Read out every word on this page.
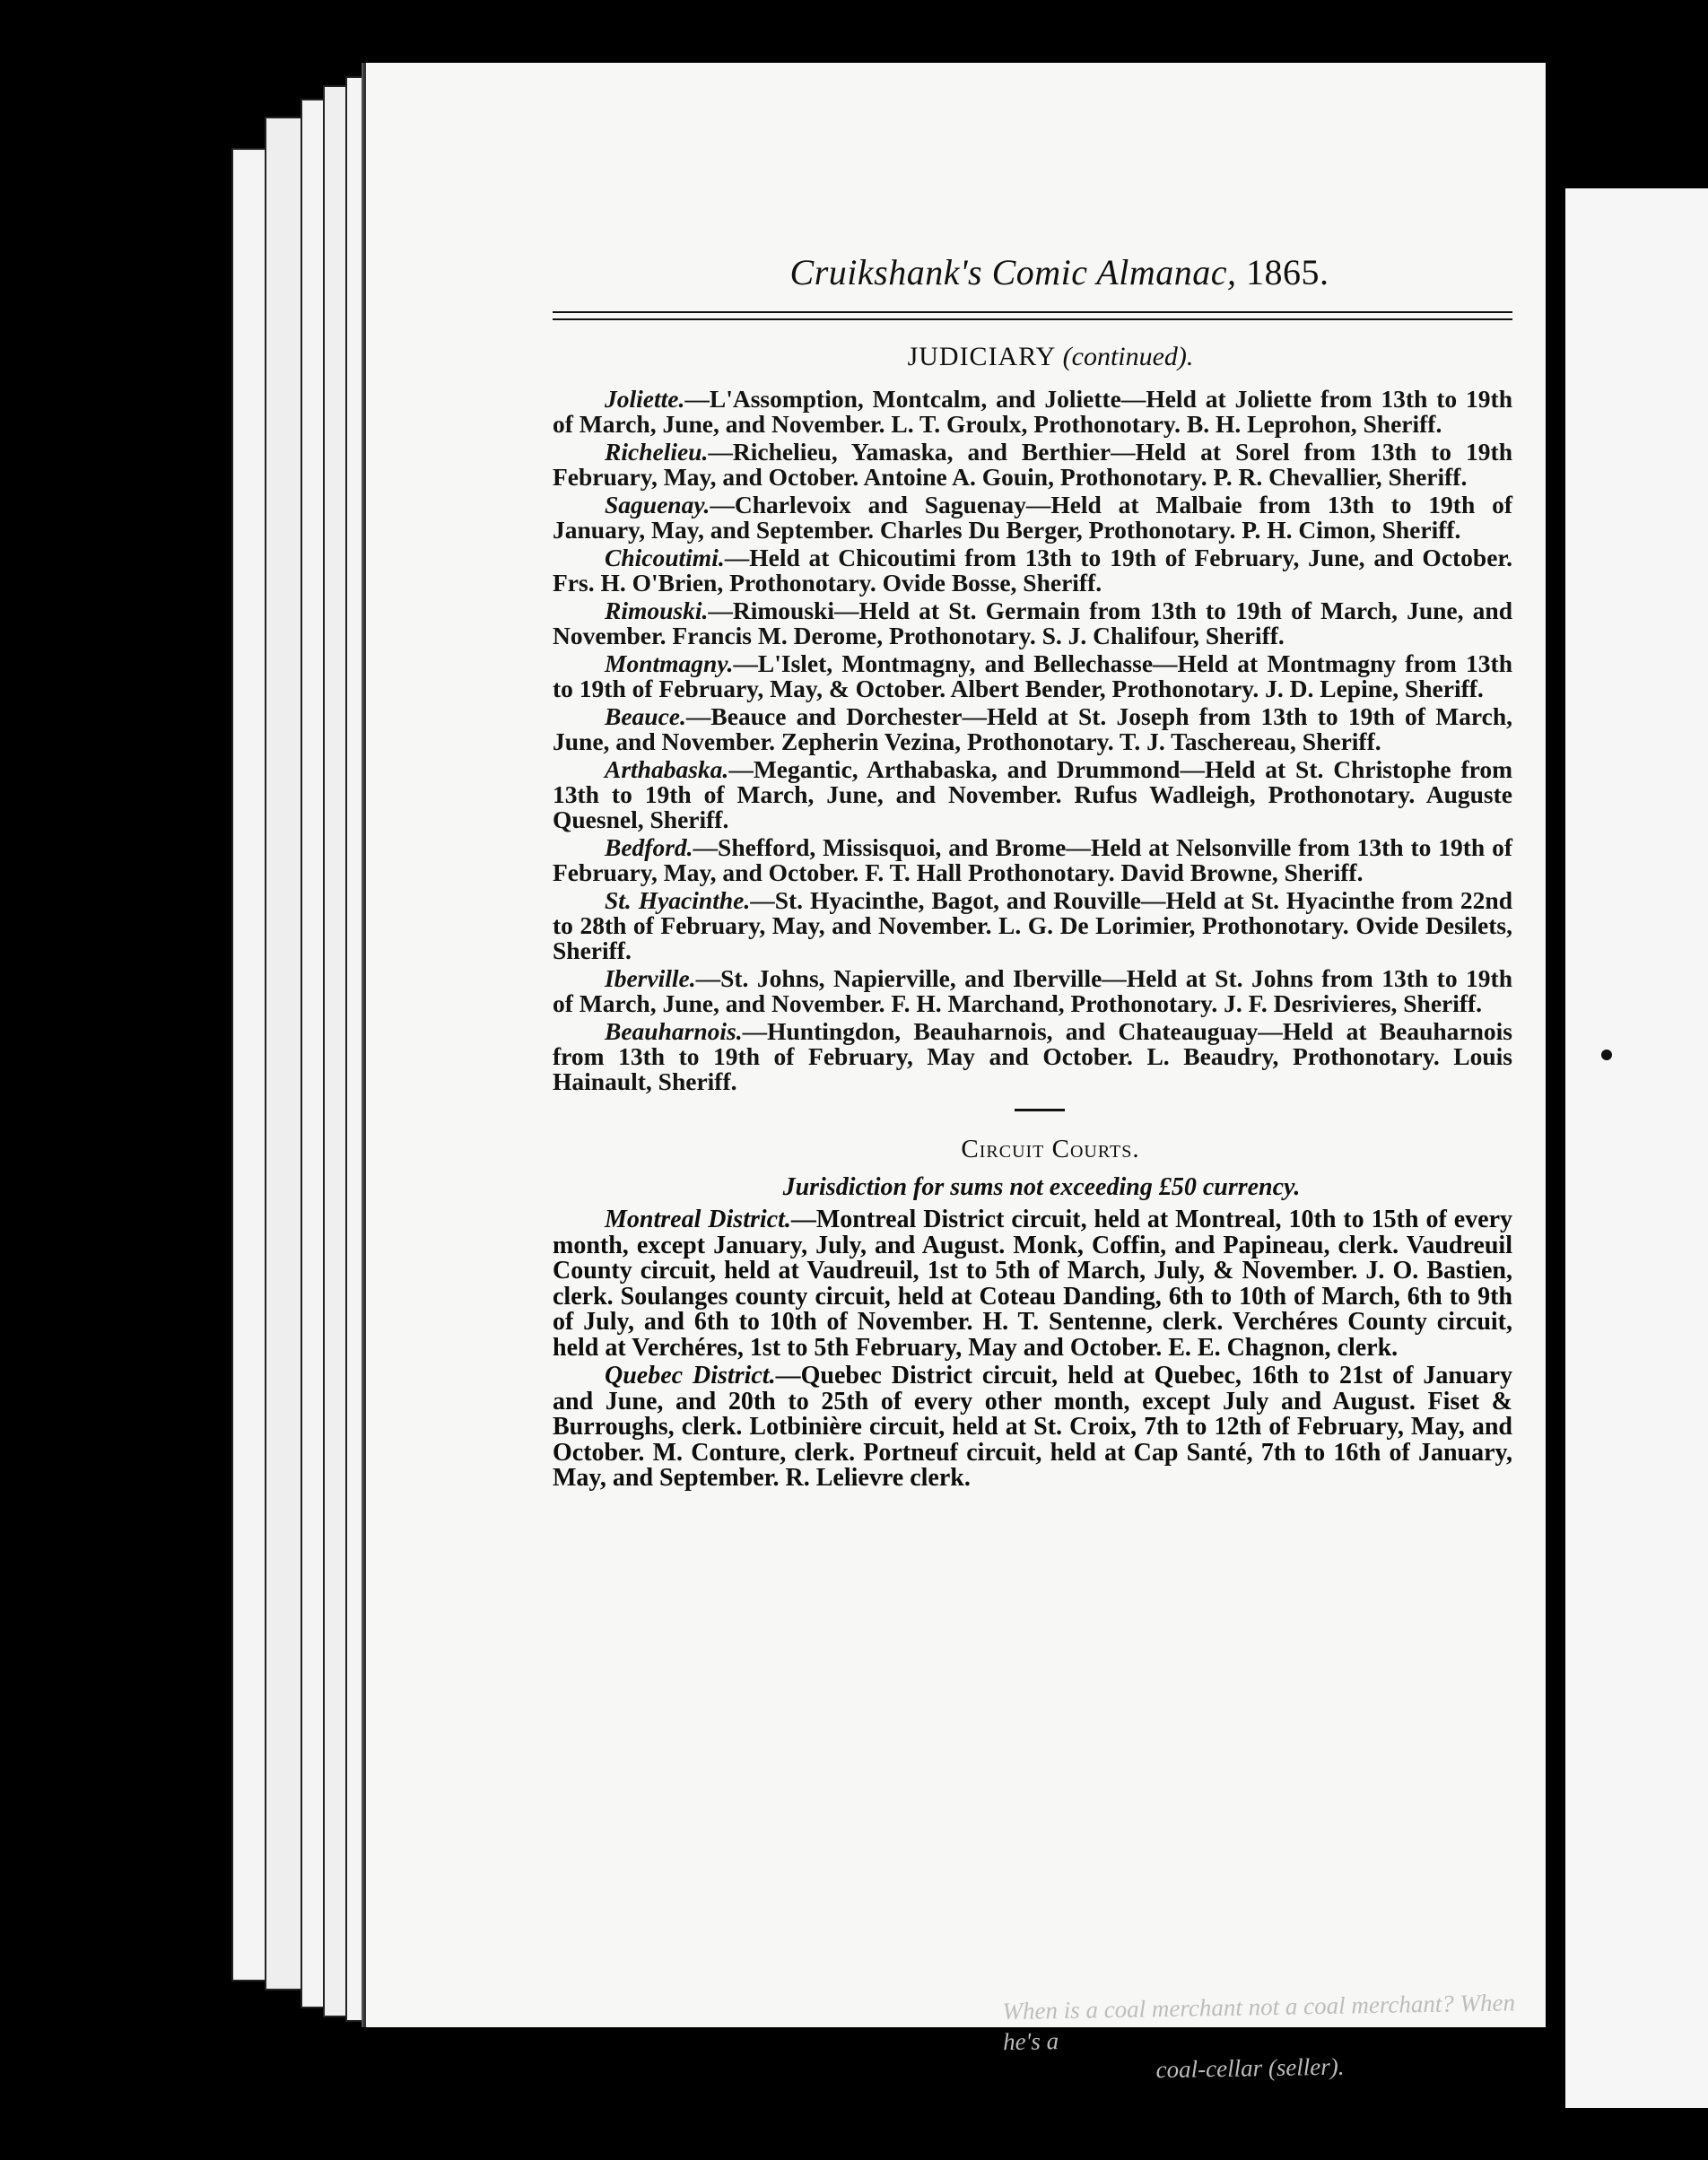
When is a coal merchant not a coal merchant? When he's a
coal-cellar (seller).
Cruikshank's Comic Almanac, 1865.
JUDICIARY (continued).

Joliette.—L'Assomption, Montcalm, and Joliette—Held at Joliette from 13th to 19th of March, June, and November. L. T. Groulx, Prothonotary. B. H. Leprohon, Sheriff.

Richelieu.—Richelieu, Yamaska, and Berthier—Held at Sorel from 13th to 19th February, May, and October. Antoine A. Gouin, Prothonotary. P. R. Chevallier, Sheriff.

Saguenay.—Charlevoix and Saguenay—Held at Malbaie from 13th to 19th of January, May, and September. Charles Du Berger, Prothonotary. P. H. Cimon, Sheriff.

Chicoutimi.—Held at Chicoutimi from 13th to 19th of February, June, and October. Frs. H. O'Brien, Prothonotary. Ovide Bosse, Sheriff.

Rimouski.—Rimouski—Held at St. Germain from 13th to 19th of March, June, and November. Francis M. Derome, Prothonotary. S. J. Chalifour, Sheriff.

Montmagny.—L'Islet, Montmagny, and Bellechasse—Held at Montmagny from 13th to 19th of February, May, & October. Albert Bender, Prothonotary. J. D. Lepine, Sheriff.

Beauce.—Beauce and Dorchester—Held at St. Joseph from 13th to 19th of March, June, and November. Zepherin Vezina, Prothonotary. T. J. Taschereau, Sheriff.

Arthabaska.—Megantic, Arthabaska, and Drummond—Held at St. Christophe from 13th to 19th of March, June, and November. Rufus Wadleigh, Prothonotary. Auguste Quesnel, Sheriff.

Bedford.—Shefford, Missisquoi, and Brome—Held at Nelsonville from 13th to 19th of February, May, and October. F. T. Hall Prothonotary. David Browne, Sheriff.

St. Hyacinthe.—St. Hyacinthe, Bagot, and Rouville—Held at St. Hyacinthe from 22nd to 28th of February, May, and November. L. G. De Lorimier, Prothonotary. Ovide Desilets, Sheriff.

Iberville.—St. Johns, Napierville, and Iberville—Held at St. Johns from 13th to 19th of March, June, and November. F. H. Marchand, Prothonotary. J. F. Desrivieres, Sheriff.

Beauharnois.—Huntingdon, Beauharnois, and Chateauguay—Held at Beauharnois from 13th to 19th of February, May and October. L. Beaudry, Prothonotary. Louis Hainault, Sheriff.

Circuit Courts.
Jurisdiction for sums not exceeding £50 currency.

Montreal District.—Montreal District circuit, held at Montreal, 10th to 15th of every month, except January, July, and August. Monk, Coffin, and Papineau, clerk. Vaudreuil County circuit, held at Vaudreuil, 1st to 5th of March, July, & November. J. O. Bastien, clerk. Soulanges county circuit, held at Coteau Danding, 6th to 10th of March, 6th to 9th of July, and 6th to 10th of November. H. T. Sentenne, clerk. Verchéres County circuit, held at Verchéres, 1st to 5th February, May and October. E. E. Chagnon, clerk.

Quebec District.—Quebec District circuit, held at Quebec, 16th to 21st of January and June, and 20th to 25th of every other month, except July and August. Fiset & Burroughs, clerk. Lotbinière circuit, held at St. Croix, 7th to 12th of February, May, and October. M. Conture, clerk. Portneuf circuit, held at Cap Santé, 7th to 16th of January, May, and September. R. Lelievre clerk.
